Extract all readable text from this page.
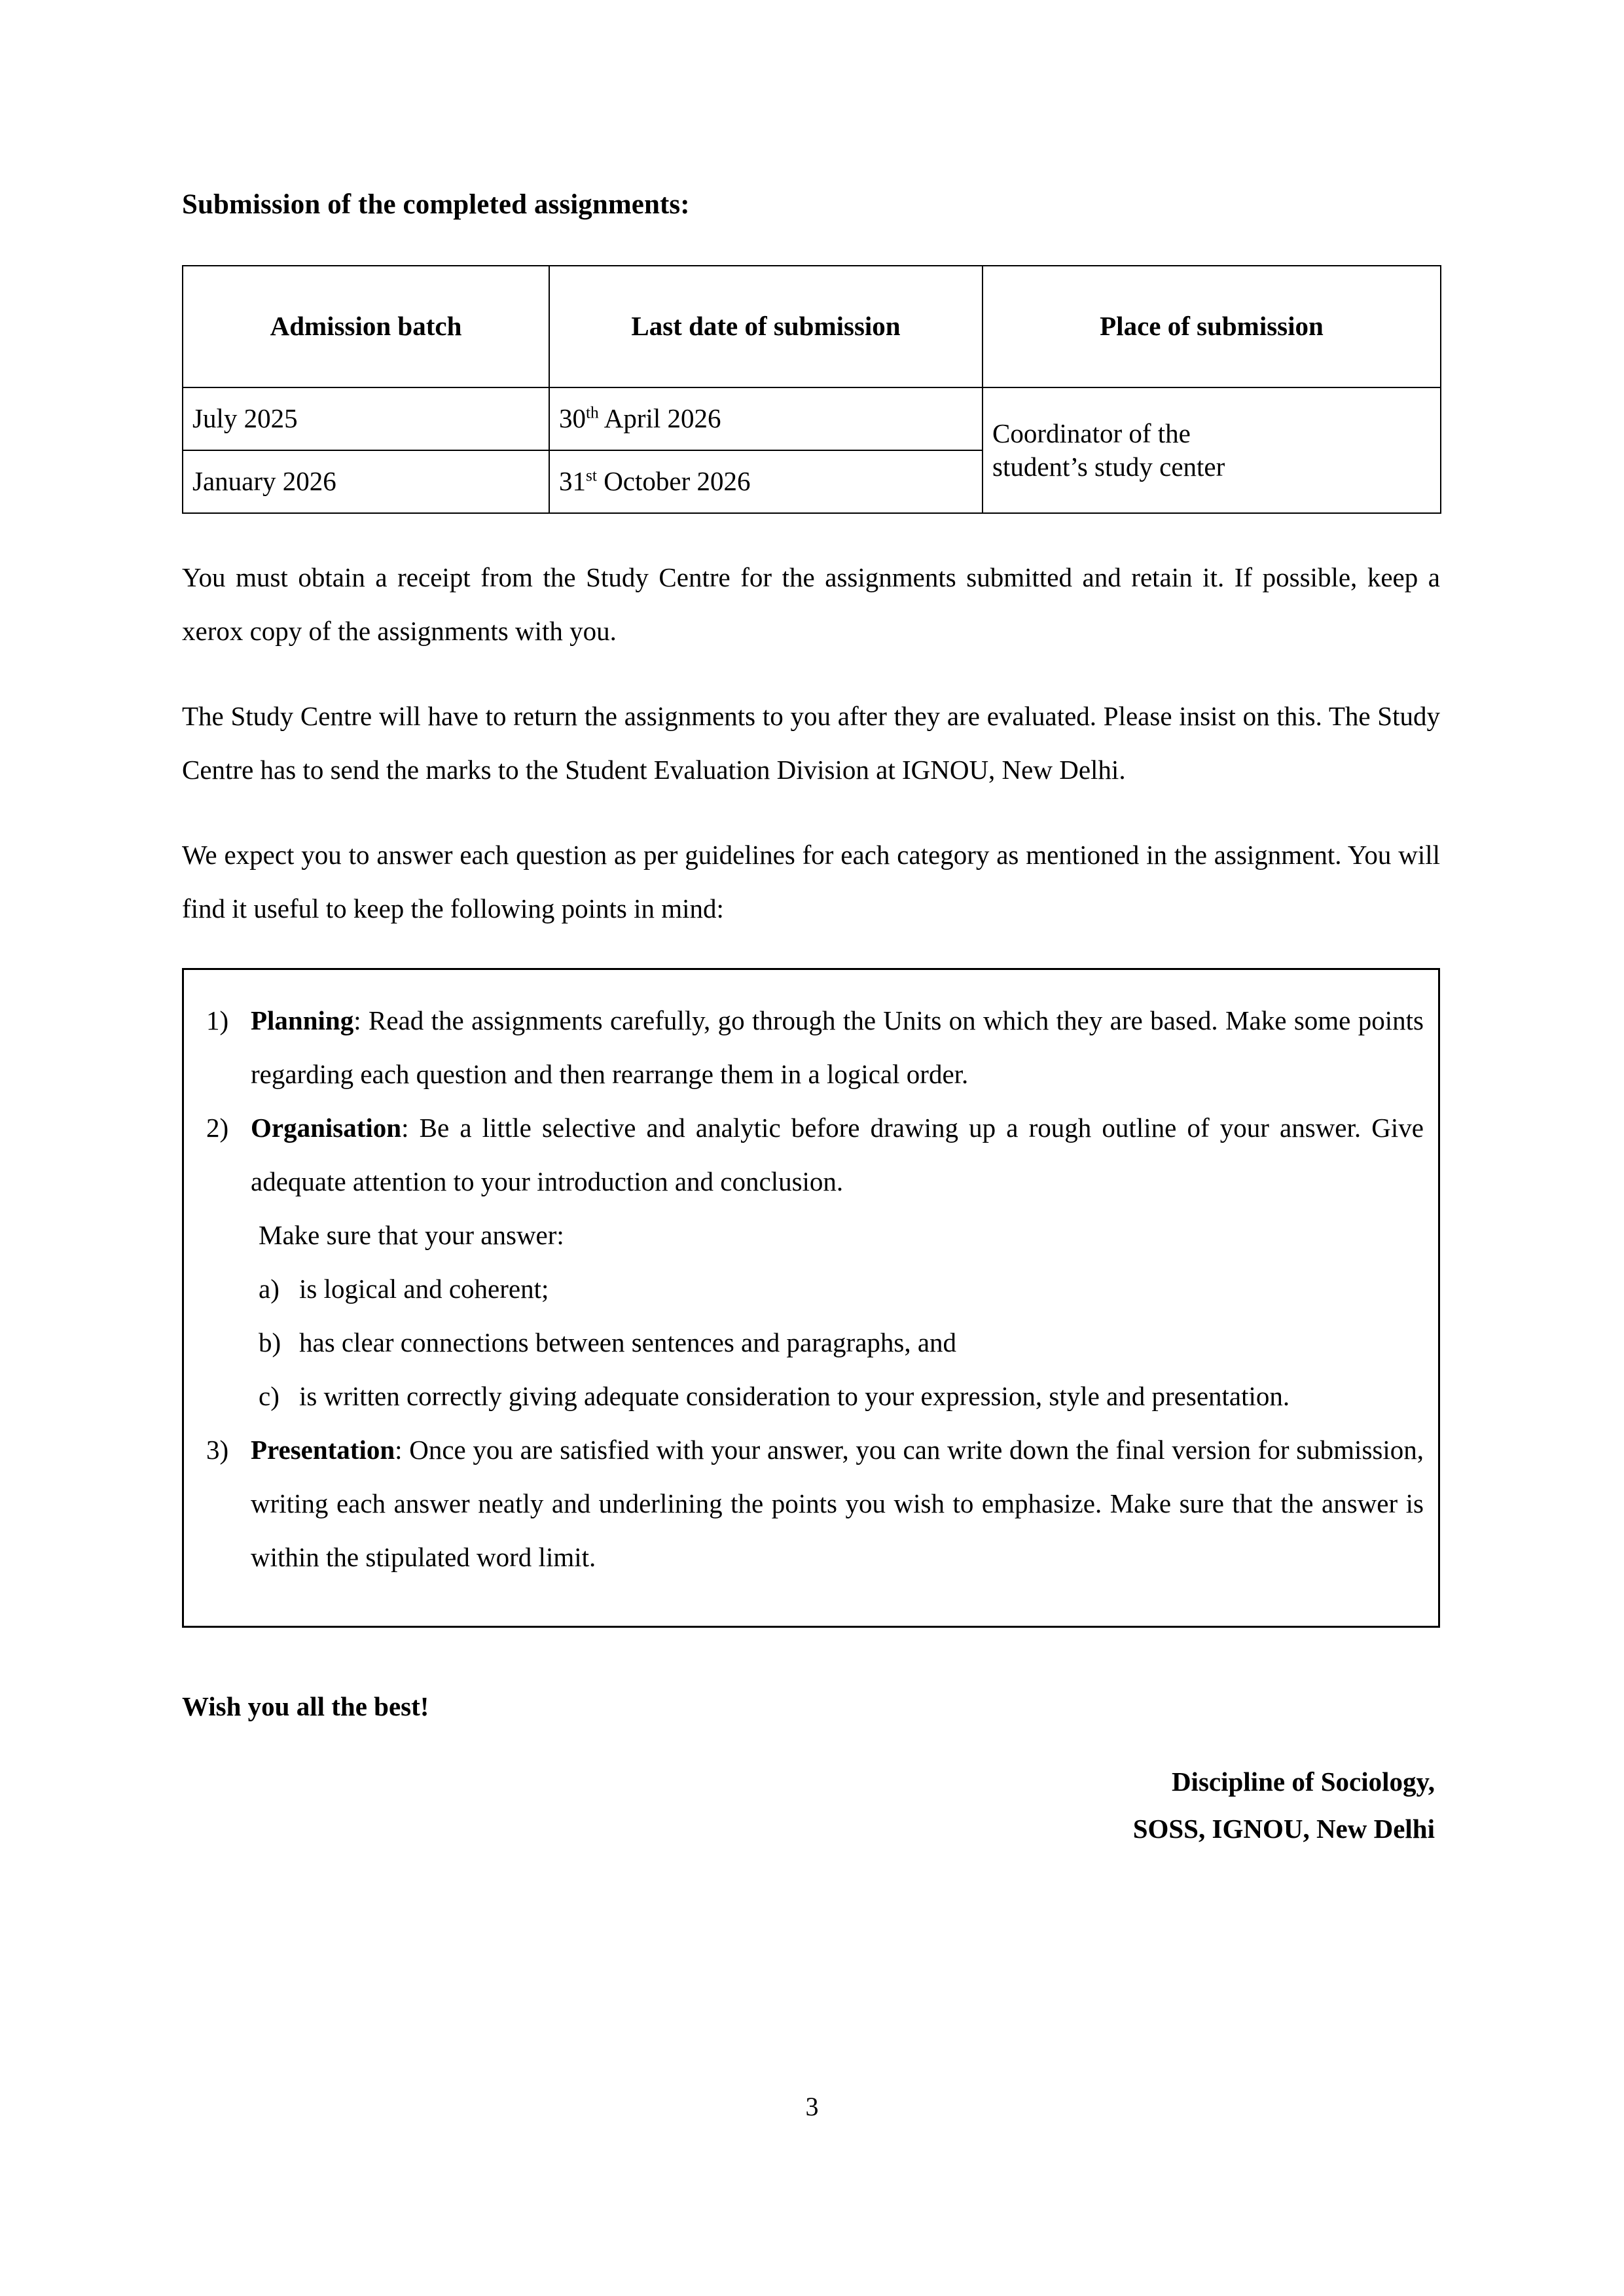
Submission of the completed assignments:
Admission batch	Last date of submission	Place of submission
July 2025	30th April 2026	Coordinator of the
student’s study center

January 2026	31st October 2026	

You must obtain a receipt from the Study Centre for the assignments submitted and retain it. If possible, keep a xerox copy of the assignments with you.

The Study Centre will have to return the assignments to you after they are evaluated. Please insist on this. The Study Centre has to send the marks to the Student Evaluation Division at IGNOU, New Delhi.

We expect you to answer each question as per guidelines for each category as mentioned in the assignment. You will find it useful to keep the following points in mind:

1) Planning: Read the assignments carefully, go through the Units on which they are based. Make some points regarding each question and then rearrange them in a logical order.
2) Organisation: Be a little selective and analytic before drawing up a rough outline of your answer. Give adequate attention to your introduction and conclusion.

Make sure that your answer:

a) is logical and coherent;
b) has clear connections between sentences and paragraphs, and
c) is written correctly giving adequate consideration to your expression, style and presentation.
3) Presentation: Once you are satisfied with your answer, you can write down the final version for submission, writing each answer neatly and underlining the points you wish to emphasize. Make sure that the answer is within the stipulated word limit.

Wish you all the best!

Discipline of Sociology,
SOSS, IGNOU, New Delhi
3
